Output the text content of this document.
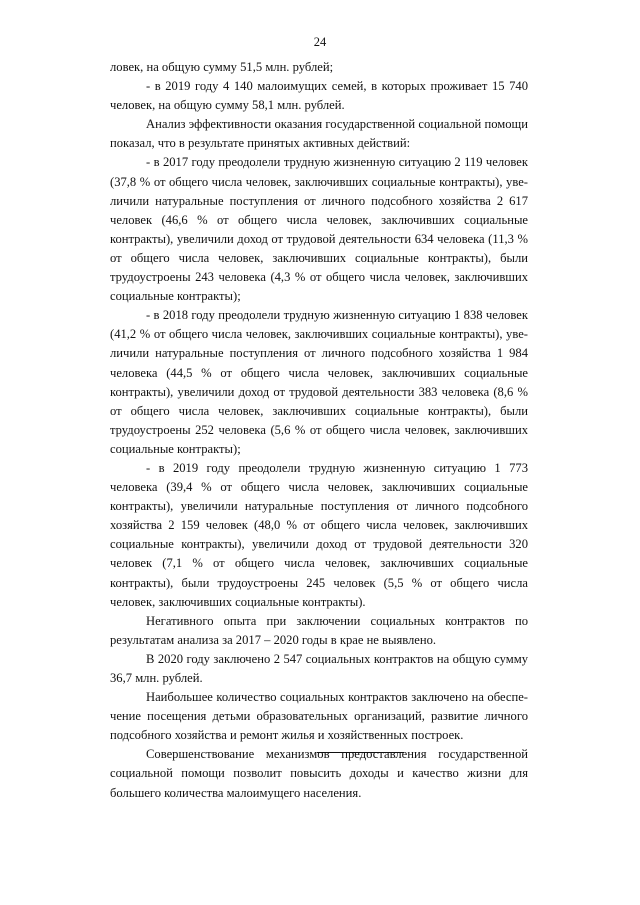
24

ловек, на общую сумму 51,5 млн. рублей;

- в 2019 году 4 140 малоимущих семей, в которых проживает 15 740 человек, на общую сумму 58,1 млн. рублей.

Анализ эффективности оказания государственной социальной помощи показал, что в результате принятых активных действий:

- в 2017 году преодолели трудную жизненную ситуацию 2 119 человек (37,8 % от общего числа человек, заключивших социальные контракты), увеличили натуральные поступления от личного подсобного хозяйства 2 617 человек (46,6 % от общего числа человек, заключивших социальные контракты), увеличили доход от трудовой деятельности 634 человека (11,3 % от общего числа человек, заключивших социальные контракты), были трудоустроены 243 человека (4,3 % от общего числа человек, заключивших социальные контракты);

- в 2018 году преодолели трудную жизненную ситуацию 1 838 человек (41,2 % от общего числа человек, заключивших социальные контракты), увеличили натуральные поступления от личного подсобного хозяйства 1 984 человека (44,5 % от общего числа человек, заключивших социальные контракты), увеличили доход от трудовой деятельности 383 человека (8,6 % от общего числа человек, заключивших социальные контракты), были трудоустроены 252 человека (5,6 % от общего числа человек, заключивших социальные контракты);

- в 2019 году преодолели трудную жизненную ситуацию 1 773 человека (39,4 % от общего числа человек, заключивших социальные контракты), увеличили натуральные поступления от личного подсобного хозяйства 2 159 человек (48,0 % от общего числа человек, заключивших социальные контракты), увеличили доход от трудовой деятельности 320 человек (7,1 % от общего числа человек, заключивших социальные контракты), были трудоустроены 245 человек (5,5 % от общего числа человек, заключивших социальные контракты).

Негативного опыта при заключении социальных контрактов по результатам анализа за 2017 – 2020 годы в крае не выявлено.

В 2020 году заключено 2 547 социальных контрактов на общую сумму 36,7 млн. рублей.

Наибольшее количество социальных контрактов заключено на обеспечение посещения детьми образовательных организаций, развитие личного подсобного хозяйства и ремонт жилья и хозяйственных построек.

Совершенствование механизмов предоставления государственной социальной помощи позволит повысить доходы и качество жизни для большего количества малоимущего населения.
